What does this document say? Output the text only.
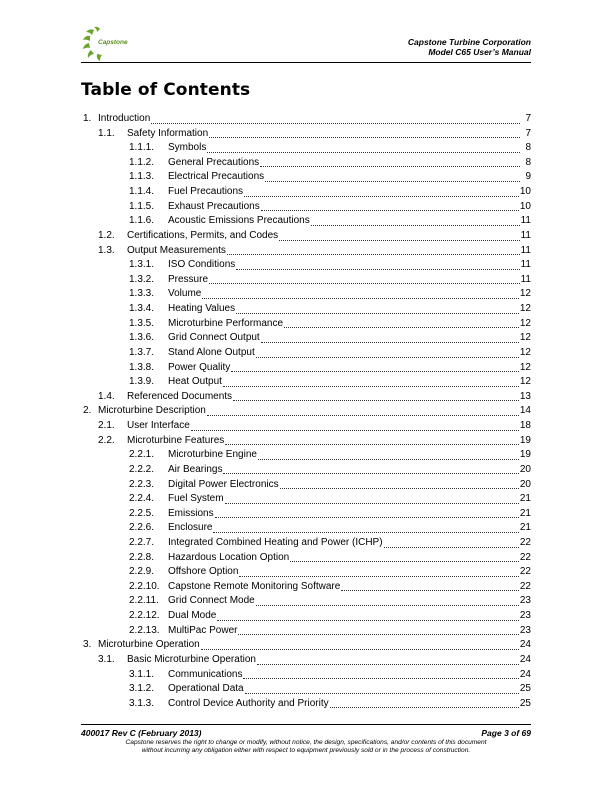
Capstone	Capstone Turbine Corporation
Model C65 User’s Manual
Table of Contents
1. Introduction	7
1.1.	Safety Information	7
1.1.1.	Symbols	8
1.1.2.	General Precautions	8
1.1.3.	Electrical Precautions	9
1.1.4.	Fuel Precautions	10
1.1.5.	Exhaust Precautions	10
1.1.6.	Acoustic Emissions Precautions	11
1.2.	Certifications, Permits, and Codes	11
1.3.	Output Measurements	11
1.3.1.	ISO Conditions	11
1.3.2.	Pressure	11
1.3.3.	Volume	12
1.3.4.	Heating Values	12
1.3.5.	Microturbine Performance	12
1.3.6.	Grid Connect Output	12
1.3.7.	Stand Alone Output	12
1.3.8.	Power Quality	12
1.3.9.	Heat Output	12
1.4.	Referenced Documents	13
2. Microturbine Description	14
2.1.	User Interface	18
2.2.	Microturbine Features	19
2.2.1.	Microturbine Engine	19
2.2.2.	Air Bearings	20
2.2.3.	Digital Power Electronics	20
2.2.4.	Fuel System	21
2.2.5.	Emissions	21
2.2.6.	Enclosure	21
2.2.7.	Integrated Combined Heating and Power (ICHP)	22
2.2.8.	Hazardous Location Option	22
2.2.9.	Offshore Option	22
2.2.10. Capstone Remote Monitoring Software	22
2.2.11. Grid Connect Mode	23
2.2.12. Dual Mode	23
2.2.13. MultiPac Power	23
3. Microturbine Operation	24
3.1.	Basic Microturbine Operation	24
3.1.1.	Communications	24
3.1.2.	Operational Data	25
3.1.3.	Control Device Authority and Priority	25
400017 Rev C (February 2013)	Page 3 of 69
Capstone reserves the right to change or modify, without notice, the design, specifications, and/or contents of this document
without incurring any obligation either with respect to equipment previously sold or in the process of construction.
